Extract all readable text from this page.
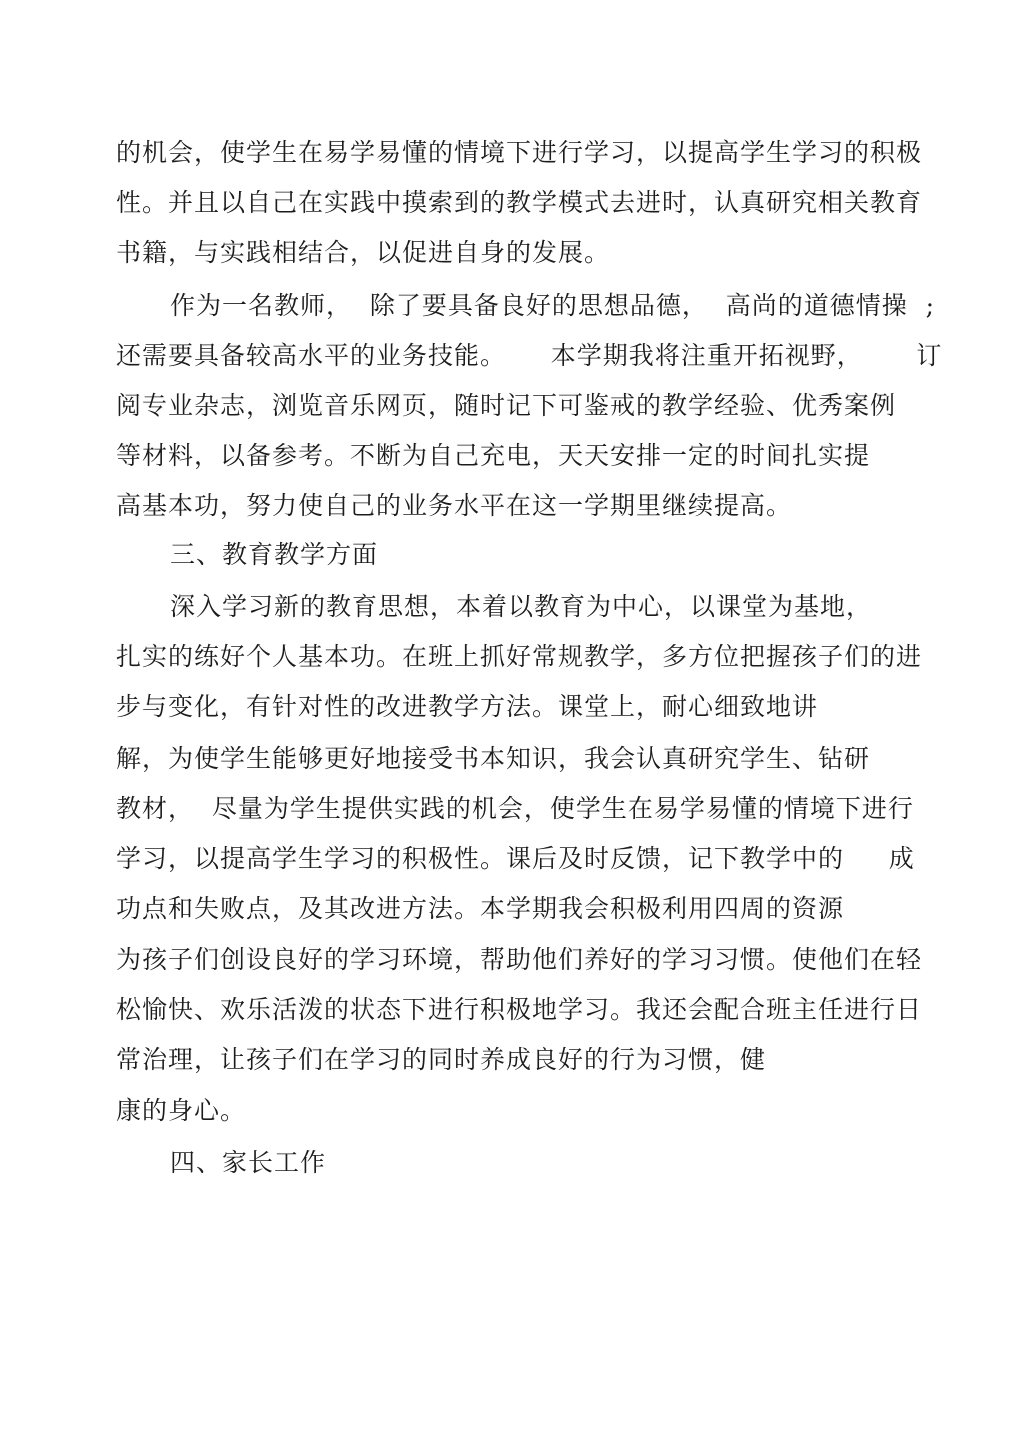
的机会，使学生在易学易懂的情境下进行学习，以提高学生学习的积极

性。并且以自己在实践中摸索到的教学模式去进时，认真研究相关教育

书籍，与实践相结合，以促进自身的发展。

作为一名教师，  除了要具备良好的思想品德，  高尚的道德情操  ;

还需要具备较高水平的业务技能。     本学期我将注重开拓视野，      订

阅专业杂志，浏览音乐网页，随时记下可鉴戒的教学经验、优秀案例

等材料，以备参考。不断为自己充电，天天安排一定的时间扎实提

高基本功，努力使自己的业务水平在这一学期里继续提高。

三、教育教学方面

深入学习新的教育思想，本着以教育为中心，以课堂为基地，

扎实的练好个人基本功。在班上抓好常规教学，多方位把握孩子们的进

步与变化，有针对性的改进教学方法。课堂上，耐心细致地讲

解，为使学生能够更好地接受书本知识，我会认真研究学生、钻研

教材，  尽量为学生提供实践的机会，使学生在易学易懂的情境下进行

学习，以提高学生学习的积极性。课后及时反馈，记下教学中的     成

功点和失败点，及其改进方法。本学期我会积极利用四周的资源

为孩子们创设良好的学习环境，帮助他们养好的学习习惯。使他们在轻

松愉快、欢乐活泼的状态下进行积极地学习。我还会配合班主任进行日

常治理，让孩子们在学习的同时养成良好的行为习惯，健

康的身心。

四、家长工作
